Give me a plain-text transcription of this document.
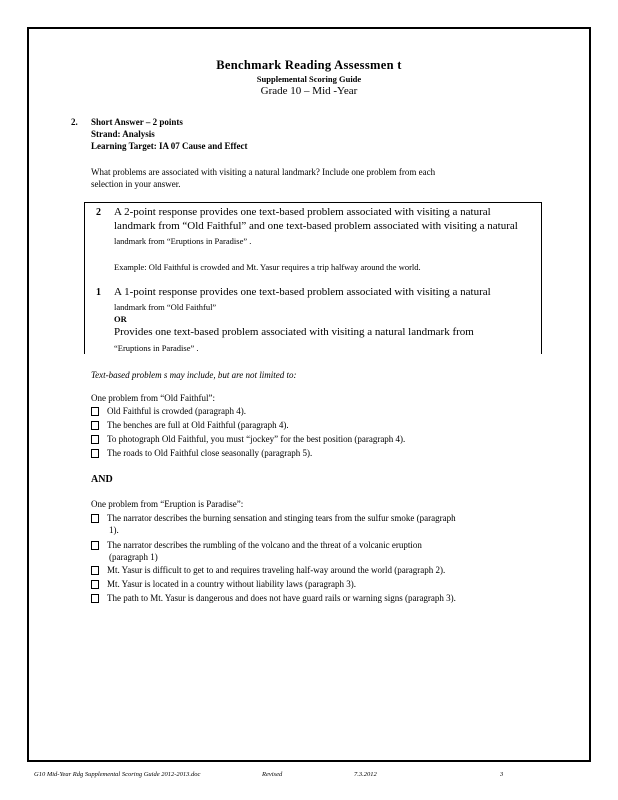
Benchmark Reading Assessmen t
Supplemental Scoring Guide
Grade 10 – Mid -Year
2. Short Answer – 2 points
Strand: Analysis
Learning Target: IA 07 Cause and Effect
What problems are associated with visiting a natural landmark? Include one problem from each
selection in your answer.
2 A 2-point response provides one text-based problem associated with visiting a natural
landmark from “Old Faithful” and one text-based problem associated with visiting a natural
landmark from “Eruptions in Paradise” .
Example: Old Faithful is crowded and Mt. Yasur requires a trip halfway around the world.
1 A 1-point response provides one text-based problem associated with visiting a natural
landmark from “Old Faithful”
OR
Provides one text-based problem associated with visiting a natural landmark from
“Eruptions in Paradise” .
Text-based problem s may include, but are not limited to:
One problem from “Old Faithful”:
Old Faithful is crowded (paragraph 4).
The benches are full at Old Faithful (paragraph 4).
To photograph Old Faithful, you must “jockey” for the best position (paragraph 4).
The roads to Old Faithful close seasonally (paragraph 5).
AND
One problem from “Eruption is Paradise”:
The narrator describes the burning sensation and stinging tears from the sulfur smoke (paragraph
1).
The narrator describes the rumbling of the volcano and the threat of a volcanic eruption
(paragraph 1)
Mt. Yasur is difficult to get to and requires traveling half-way around the world (paragraph 2).
Mt. Yasur is located in a country without liability laws (paragraph 3).
The path to Mt. Yasur is dangerous and does not have guard rails or warning signs (paragraph 3).
G10 Mid-Year Rdg Supplemental Scoring Guide 2012-2013.doc	Revised	7.3.2012	3
